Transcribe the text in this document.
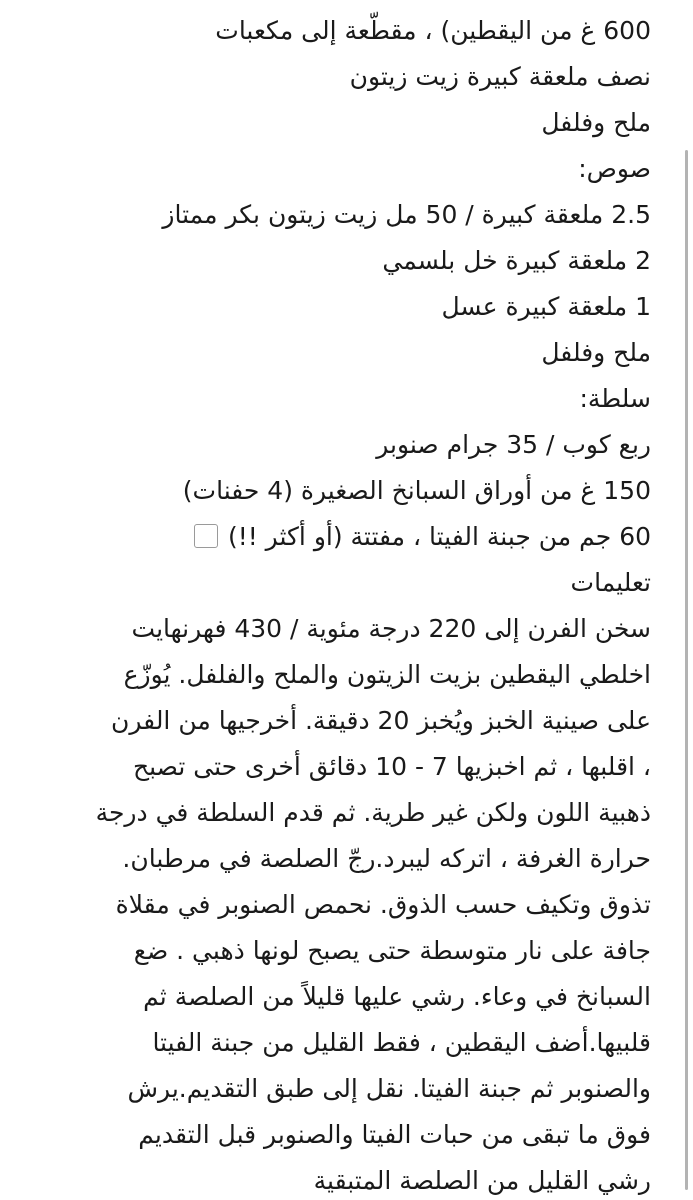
600 غ من اليقطين) ، مقطّعة إلى مكعبات
نصف ملعقة كبيرة زيت زيتون
ملح وفلفل
صوص:
2.5 ملعقة كبيرة / 50 مل زيت زيتون بكر ممتاز
2 ملعقة كبيرة خل بلسمي
1 ملعقة كبيرة عسل
ملح وفلفل
سلطة:
ربع كوب / 35 جرام صنوبر
150 غ من أوراق السبانخ الصغيرة (4 حفنات)
60 جم من جبنة الفيتا ، مفتتة (أو أكثر !!)
تعليمات
سخن الفرن إلى 220 درجة مئوية / 430 فهرنهايت
اخلطي اليقطين بزيت الزيتون والملح والفلفل. يُوزّع
على صينية الخبز ويُخبز 20 دقيقة. أخرجيها من الفرن
، اقلبها ، ثم اخبزيها 7 - 10 دقائق أخرى حتى تصبح
ذهبية اللون ولكن غير طرية. ثم قدم السلطة في درجة
حرارة الغرفة ، اتركه ليبرد.رجّ الصلصة في مرطبان.
تذوق وتكيف حسب الذوق. نحمص الصنوبر في مقلاة
جافة على نار متوسطة حتى يصبح لونها ذهبي . ضع
السبانخ في وعاء. رشي عليها قليلاً من الصلصة ثم
قلبيها.أضف اليقطين ، فقط القليل من جبنة الفيتا
والصنوبر ثم جبنة الفيتا. نقل إلى طبق التقديم.يرش
فوق ما تبقى من حبات الفيتا والصنوبر قبل التقديم
رشي القليل من الصلصة المتبقية
